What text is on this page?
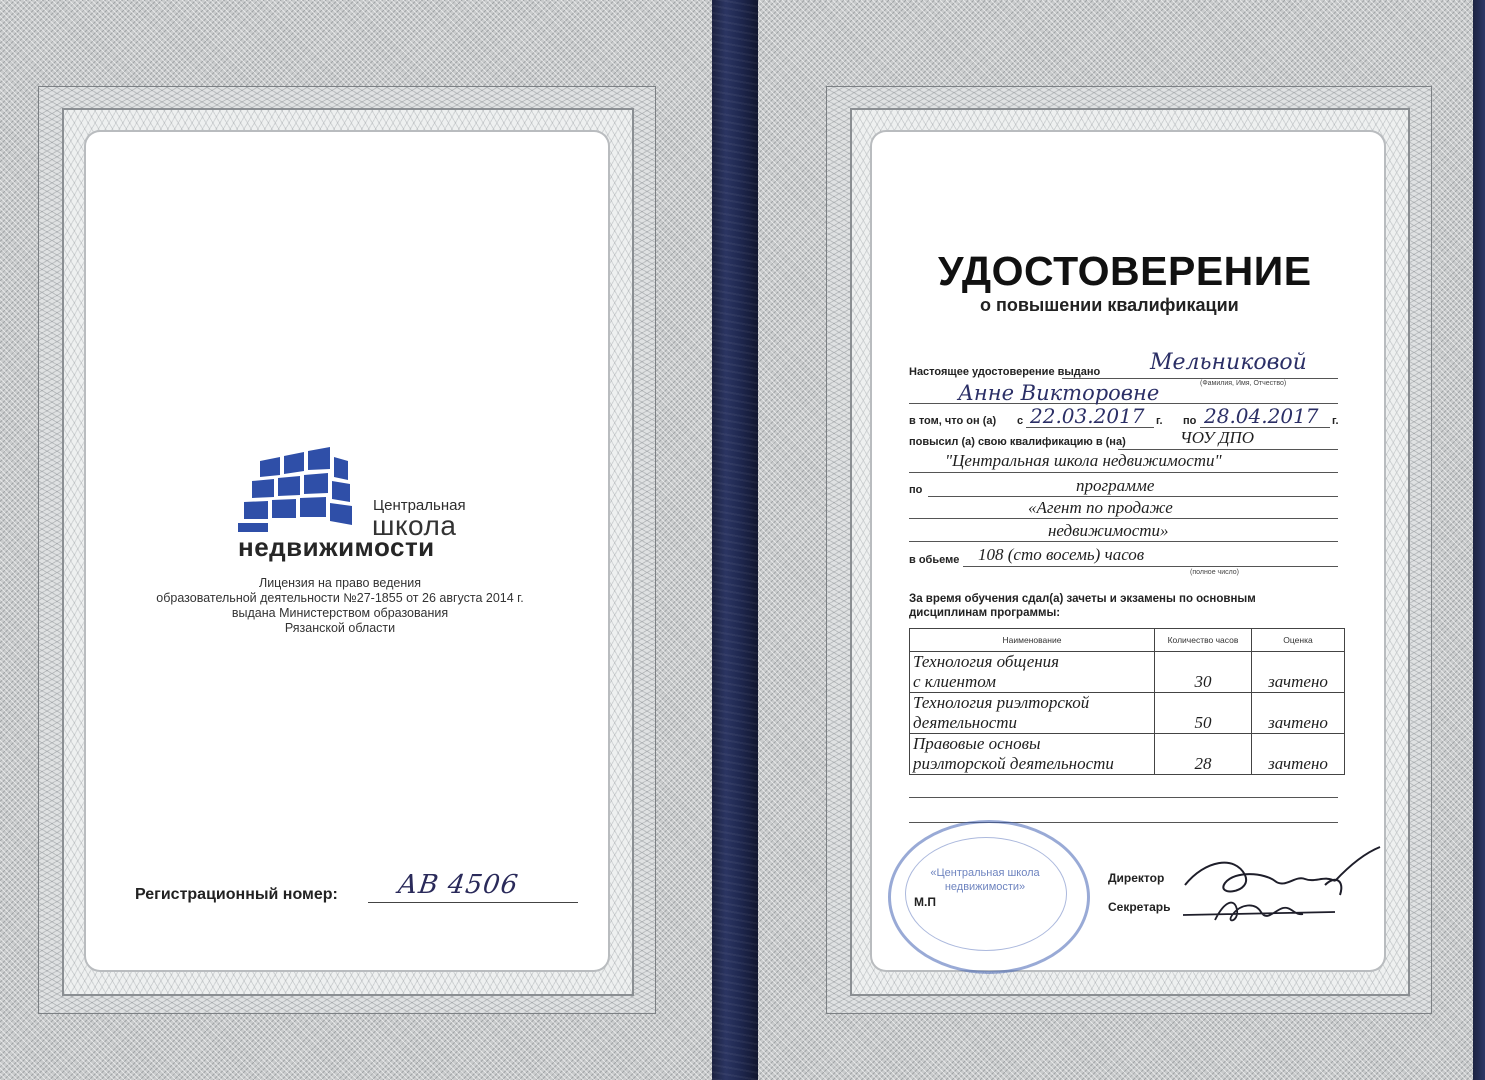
Центральная
школа
недвижимости
Лицензия на право ведения
образовательной деятельности №27-1855 от 26 августа 2014 г.
выдана Министерством образования
Рязанской области
Регистрационный номер: АВ 4506
УДОСТОВЕРЕНИЕ
о повышении квалификации
Настоящее удостоверение выдано Мельниковой
(Фамилия, Имя, Отчество)
Анне Викторовне
в том, что он (а) с 22.03.2017 г. по 28.04.2017 г.
повысил (а) свою квалификацию в (на)	ЧОУ ДПО
"Центральная школа недвижимости"
по	программе
«Агент по продаже
недвижимости»
в обьеме 108 (сто восемь) часов
(полное число)
За время обучения сдал(а) зачеты и экзамены по основным
дисциплинам программы:
Наименование	Количество часов	Оценка
Технология общения	30	зачтено
с клиентом		
Технология риэлторской	50	зачтено
деятельности		
Правовые основы	28	зачтено
риэлторской деятельности		
«Центральная школа недвижимости»
М.П
Директор
Секретарь
